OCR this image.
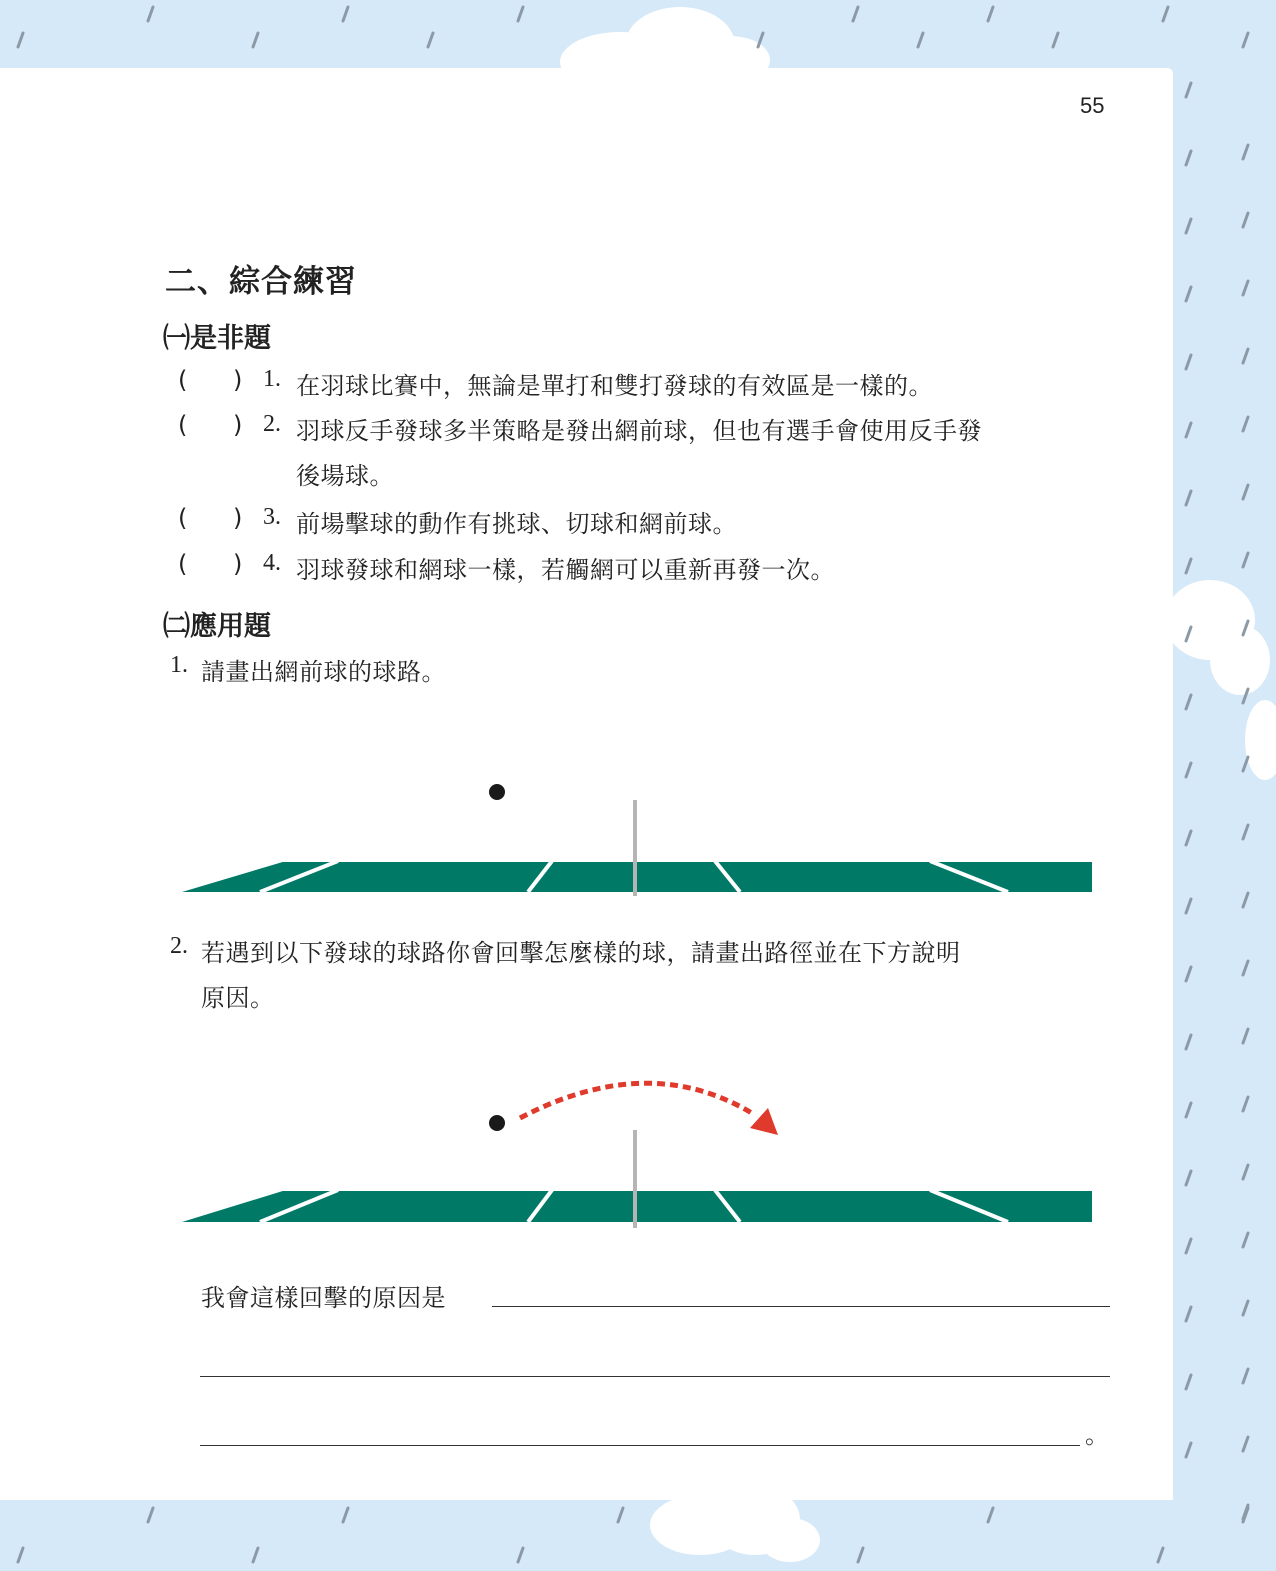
55
二、綜合練習
㈠是非題
( ) 1. 在羽球比賽中，無論是單打和雙打發球的有效區是一樣的。
( ) 2. 羽球反手發球多半策略是發出網前球，但也有選手會使用反手發
後場球。
( ) 3. 前場擊球的動作有挑球、切球和網前球。
( ) 4. 羽球發球和網球一樣，若觸網可以重新再發一次。
㈡應用題
1. 請畫出網前球的球路。
2. 若遇到以下發球的球路你會回擊怎麼樣的球，請畫出路徑並在下方說明
原因。
我會這樣回擊的原因是
。
